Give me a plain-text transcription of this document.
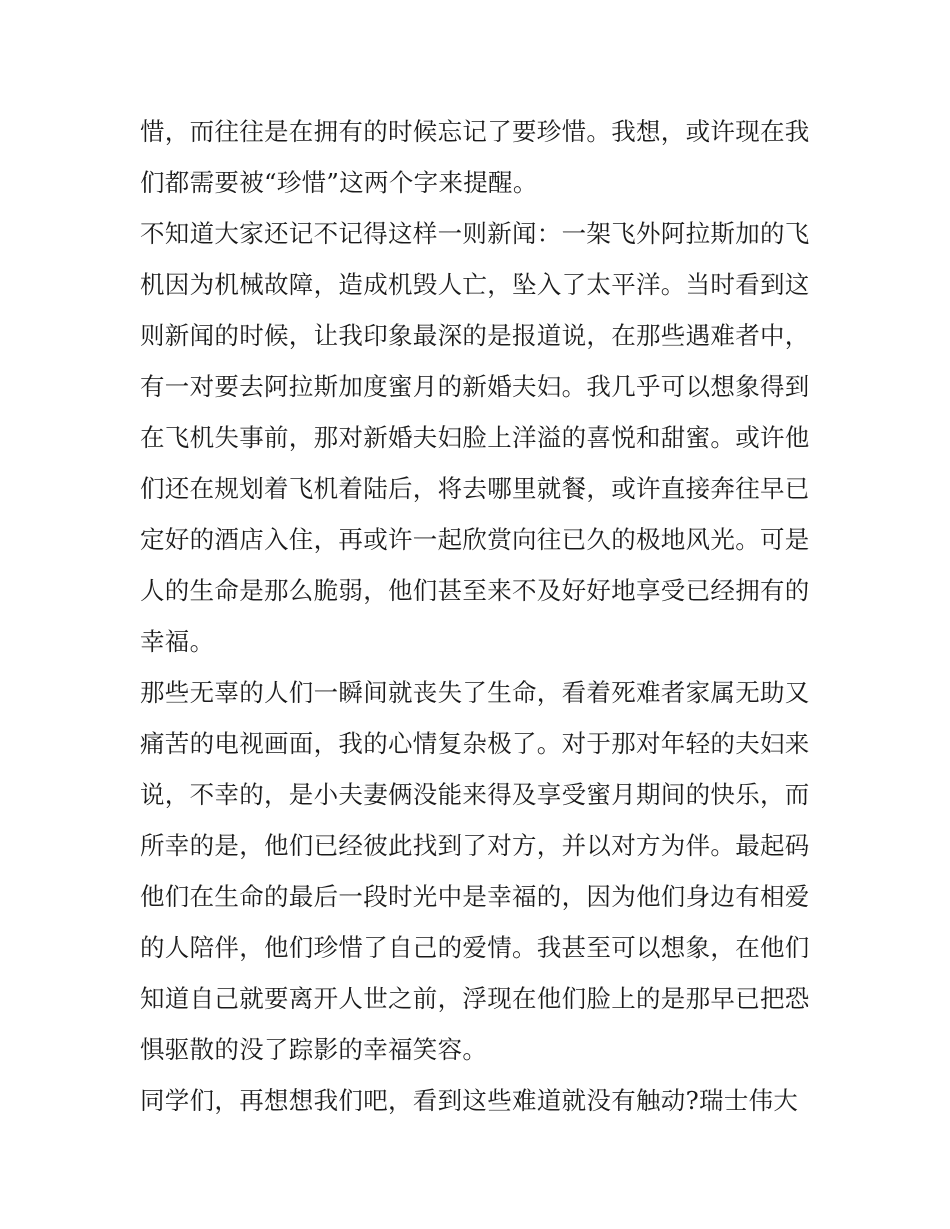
惜，而往往是在拥有的时候忘记了要珍惜。我想，或许现在我
们都需要被“珍惜”这两个字来提醒。
不知道大家还记不记得这样一则新闻：一架飞外阿拉斯加的飞
机因为机械故障，造成机毁人亡，坠入了太平洋。当时看到这
则新闻的时候，让我印象最深的是报道说，在那些遇难者中，
有一对要去阿拉斯加度蜜月的新婚夫妇。我几乎可以想象得到
在飞机失事前，那对新婚夫妇脸上洋溢的喜悦和甜蜜。或许他
们还在规划着飞机着陆后，将去哪里就餐，或许直接奔往早已
定好的酒店入住，再或许一起欣赏向往已久的极地风光。可是
人的生命是那么脆弱，他们甚至来不及好好地享受已经拥有的
幸福。
那些无辜的人们一瞬间就丧失了生命，看着死难者家属无助又
痛苦的电视画面，我的心情复杂极了。对于那对年轻的夫妇来
说，不幸的，是小夫妻俩没能来得及享受蜜月期间的快乐，而
所幸的是，他们已经彼此找到了对方，并以对方为伴。最起码
他们在生命的最后一段时光中是幸福的，因为他们身边有相爱
的人陪伴，他们珍惜了自己的爱情。我甚至可以想象，在他们
知道自己就要离开人世之前，浮现在他们脸上的是那早已把恐
惧驱散的没了踪影的幸福笑容。
同学们，再想想我们吧，看到这些难道就没有触动?瑞士伟大
